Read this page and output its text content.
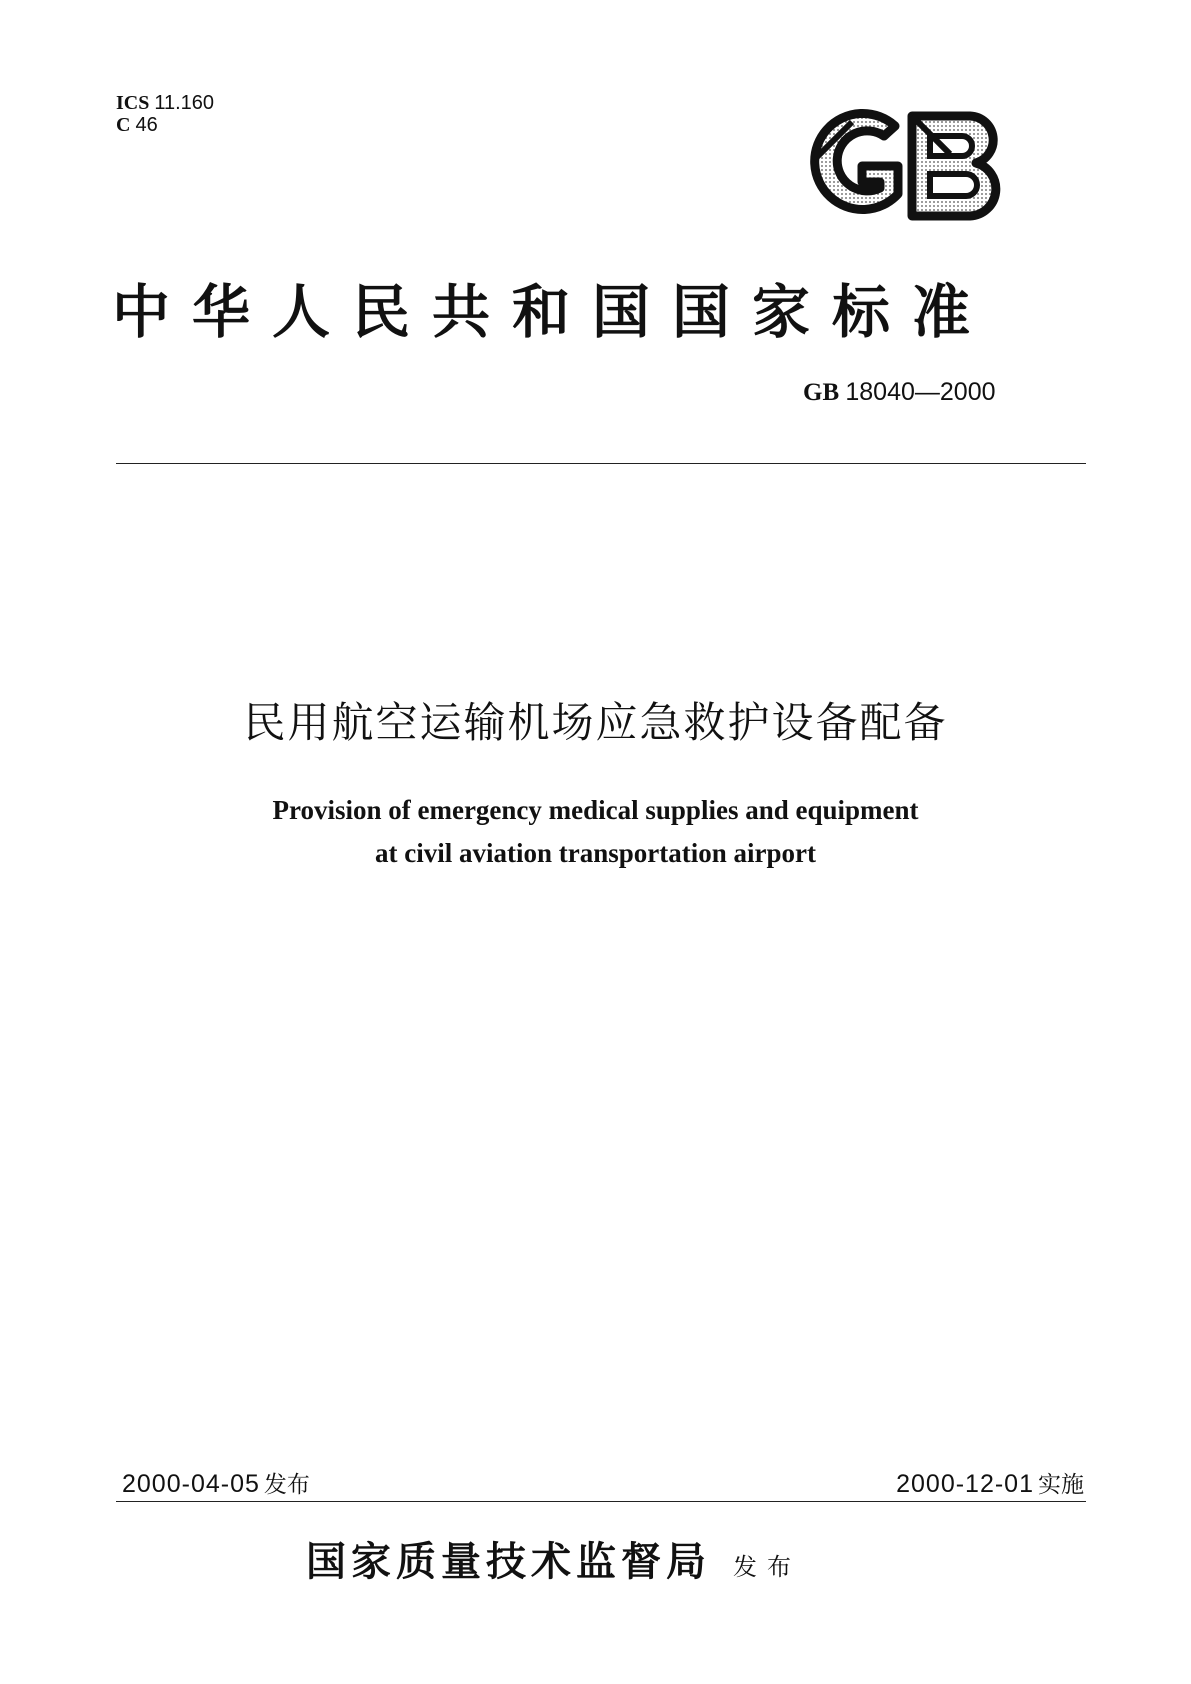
ICS 11.160
C 46
中华人民共和国国家标准
GB 18040—2000
民用航空运输机场应急救护设备配备
Provision of emergency medical supplies and equipment
at civil aviation transportation airport
2000-04-05 发布	2000-12-01 实施
国家质量技术监督局 发布
